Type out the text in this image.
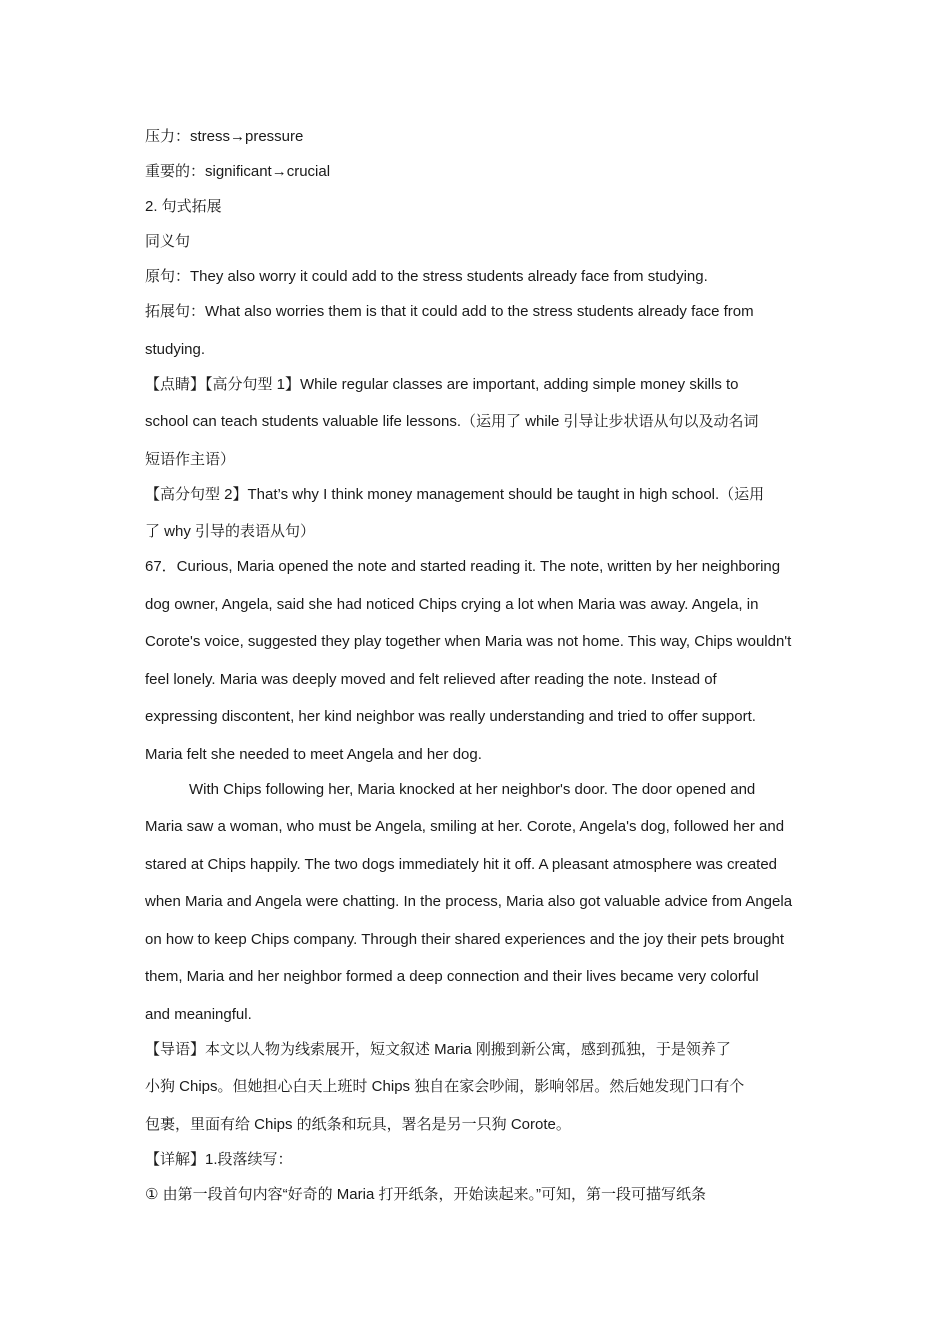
压力：stress→pressure
重要的：significant→crucial
2. 句式拓展
同义句
原句：They also worry it could add to the stress students already face from studying.
拓展句：What also worries them is that it could add to the stress students already face from
studying.
【点睛】【高分句型 1】While regular classes are important, adding simple money skills to
school can teach students valuable life lessons.（运用了 while 引导让步状语从句以及动名词
短语作主语）
【高分句型 2】That’s why I think money management should be taught in high school.（运用
了 why 引导的表语从句）
67．Curious, Maria opened the note and started reading it. The note, written by her neighboring
dog owner, Angela, said she had noticed Chips crying a lot when Maria was away. Angela, in
Corote's voice, suggested they play together when Maria was not home. This way, Chips wouldn't
feel lonely. Maria was deeply moved and felt relieved after reading the note. Instead of
expressing discontent, her kind neighbor was really understanding and tried to offer support.
Maria felt she needed to meet Angela and her dog.
With Chips following her, Maria knocked at her neighbor's door. The door opened and
Maria saw a woman, who must be Angela, smiling at her. Corote, Angela's dog, followed her and
stared at Chips happily. The two dogs immediately hit it off. A pleasant atmosphere was created
when Maria and Angela were chatting. In the process, Maria also got valuable advice from Angela
on how to keep Chips company. Through their shared experiences and the joy their pets brought
them, Maria and her neighbor formed a deep connection and their lives became very colorful
and meaningful.
【导语】本文以人物为线索展开，短文叙述 Maria 刚搬到新公寓，感到孤独，于是领养了
小狗 Chips。但她担心白天上班时 Chips 独自在家会吵闹，影响邻居。然后她发现门口有个
包裹，里面有给 Chips 的纸条和玩具，署名是另一只狗 Corote。
【详解】1.段落续写：
① 由第一段首句内容“好奇的 Maria 打开纸条，开始读起来。”可知，第一段可描写纸条
